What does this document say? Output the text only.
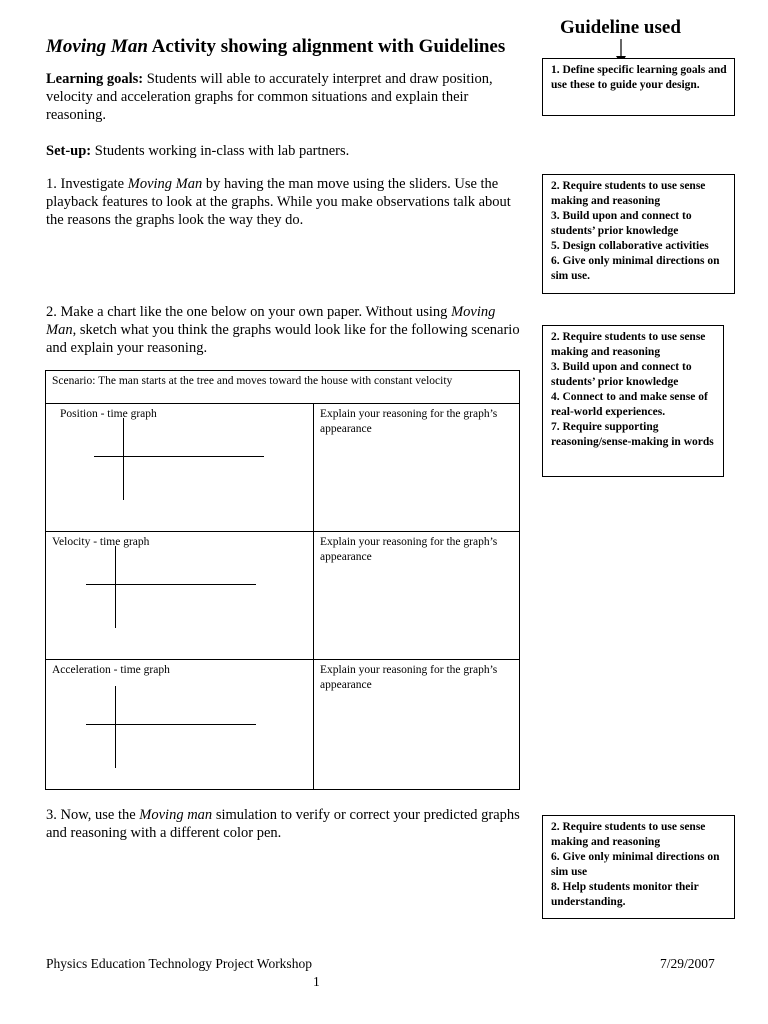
Moving Man Activity showing alignment with Guidelines
Guideline used
Learning goals: Students will able to accurately interpret and draw position, velocity and acceleration graphs for common situations and explain their reasoning.
Set-up: Students working in-class with lab partners.
1. Investigate Moving Man by having the man move using the sliders. Use the playback features to look at the graphs. While you make observations talk about the reasons the graphs look the way they do.
2. Make a chart like the one below on your own paper. Without using Moving Man, sketch what you think the graphs would look like for the following scenario and explain your reasoning.
Scenario: The man starts at the tree and moves toward the house with constant velocity	

Position - time graph	Explain your reasoning for the graph’s appearance

Velocity - time graph	Explain your reasoning for the graph’s appearance

Acceleration - time graph	Explain your reasoning for the graph’s appearance
3. Now, use the Moving man simulation to verify or correct your predicted graphs and reasoning with a different color pen.
1. Define specific learning goals and use these to guide your design.
2. Require students to use sense making and reasoning
3. Build upon and connect to students’ prior knowledge
5. Design collaborative activities
6. Give only minimal directions on sim use.
2. Require students to use sense making and reasoning
3. Build upon and connect to students’ prior knowledge
4. Connect to and make sense of real-world experiences.
7. Require supporting reasoning/sense-making in words
2. Require students to use sense making and reasoning
6. Give only minimal directions on sim use
8. Help students monitor their understanding.
Physics Education Technology Project Workshop	7/29/2007
1
